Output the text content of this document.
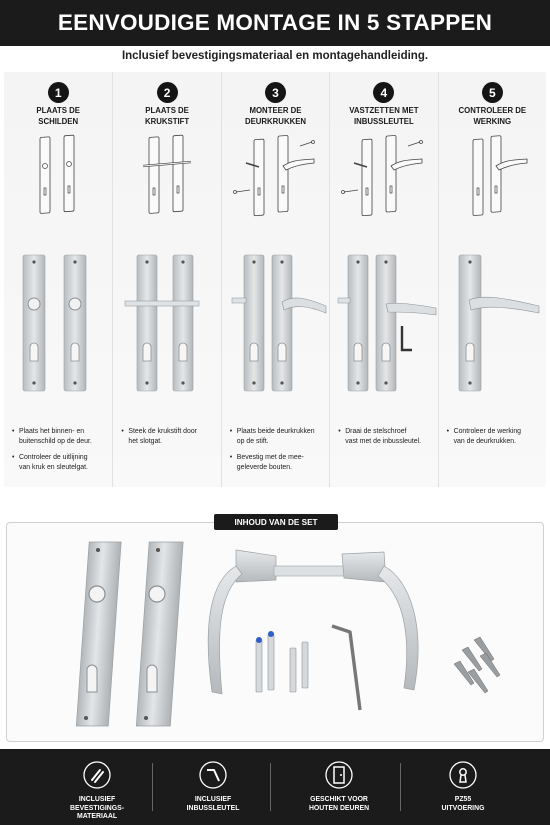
EENVOUDIGE MONTAGE IN 5 STAPPEN
Inclusief bevestigingsmateriaal en montagehandleiding.
1
PLAATS DE
SCHILDEN
• Plaats het binnen- en
buitenschild op de deur.
• Controleer de uitlijning
van kruk en sleutelgat.
2
PLAATS DE
KRUKSTIFT
• Steek de krukstift door
het slotgat.
3
MONTEER DE
DEURKRUKKEN
• Plaats beide deurkrukken
op de stift.
• Bevestig met de mee-
geleverde bouten.
4
VASTZETTEN MET
INBUSSLEUTEL
• Draai de stelschroef
vast met de inbussleutel.
5
CONTROLEER DE
WERKING
• Controleer de werking
van de deurkrukken.
INHOUD VAN DE SET
INCLUSIEF
BEVESTIGINGS-
MATERIAAL
INCLUSIEF
INBUSSLEUTEL
GESCHIKT VOOR
HOUTEN DEUREN
PZ55
UITVOERING
